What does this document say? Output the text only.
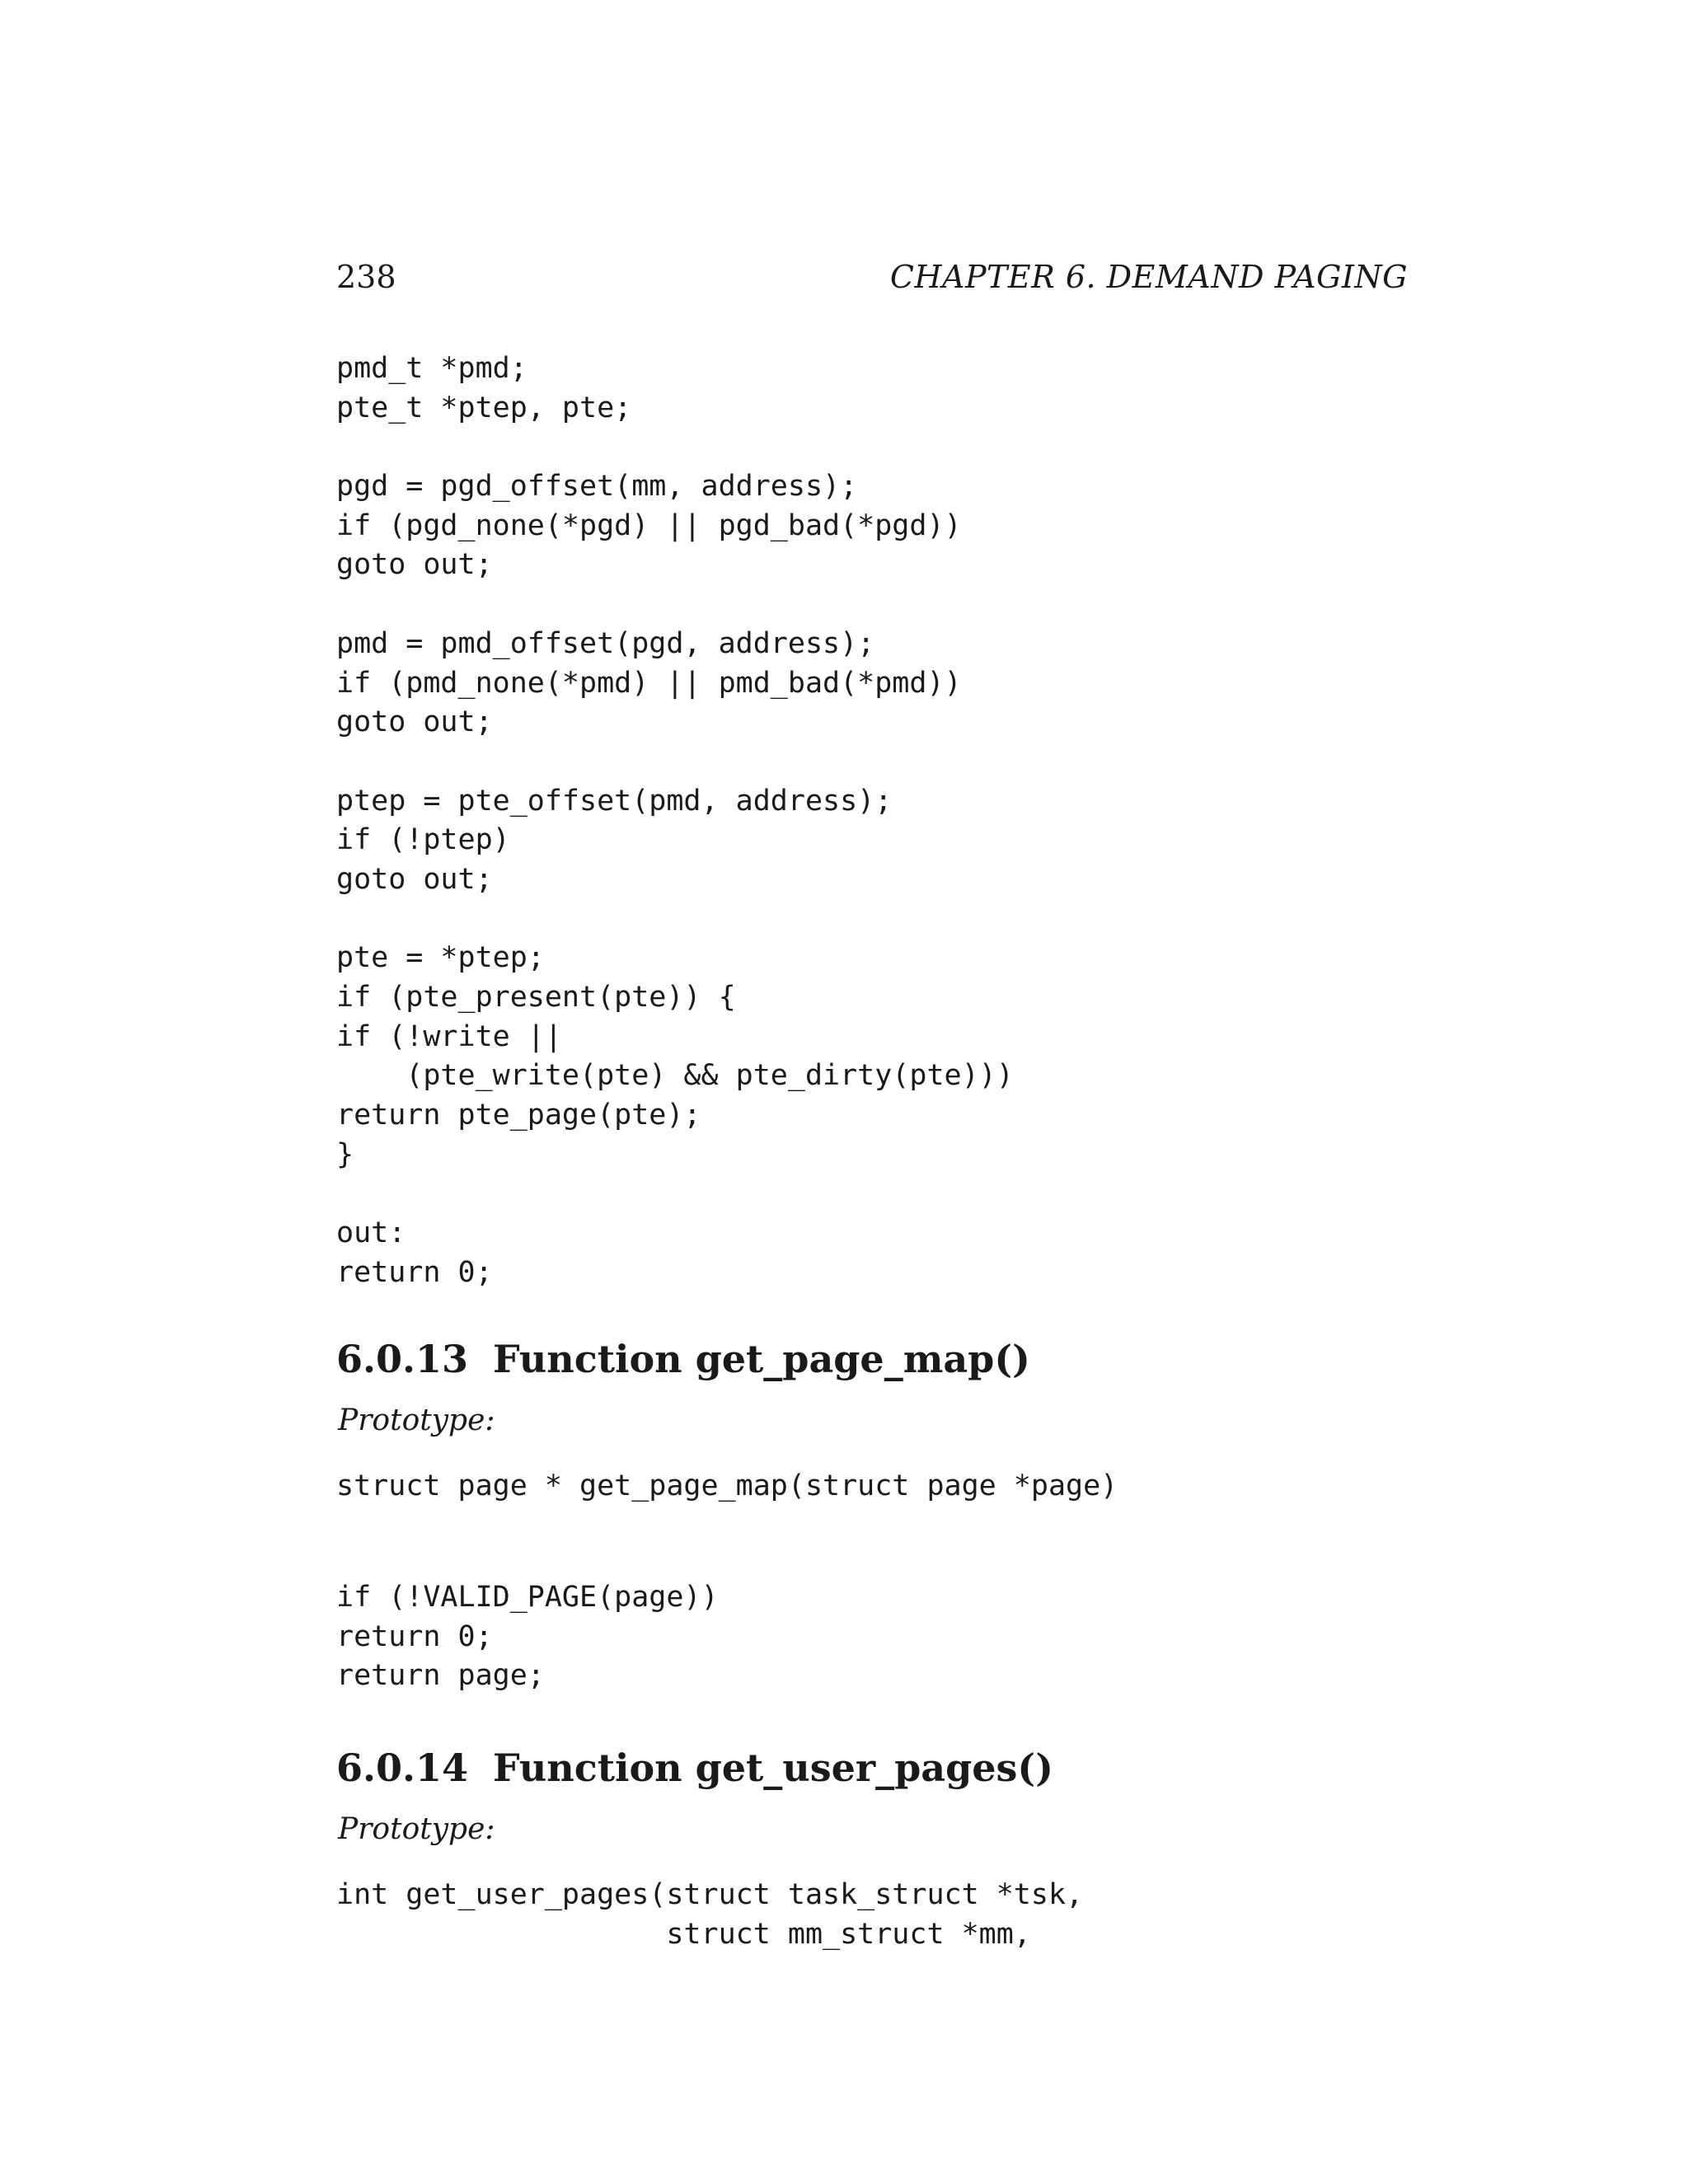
238	CHAPTER 6. DEMAND PAGING
pmd_t *pmd;
pte_t *ptep, pte;
pgd = pgd_offset(mm, address);
if (pgd_none(*pgd) || pgd_bad(*pgd))
goto out;
pmd = pmd_offset(pgd, address);
if (pmd_none(*pmd) || pmd_bad(*pmd))
goto out;
ptep = pte_offset(pmd, address);
if (!ptep)
goto out;
pte = *ptep;
if (pte_present(pte)) {
if (!write ||
(pte_write(pte) && pte_dirty(pte)))
return pte_page(pte);
}
out:
return 0;
6.0.13 Function get_page_map()
Prototype:
struct page * get_page_map(struct page *page)
if (!VALID_PAGE(page))
return 0;
return page;
6.0.14 Function get_user_pages()
Prototype:
int get_user_pages(struct task_struct *tsk,
struct mm_struct *mm,
